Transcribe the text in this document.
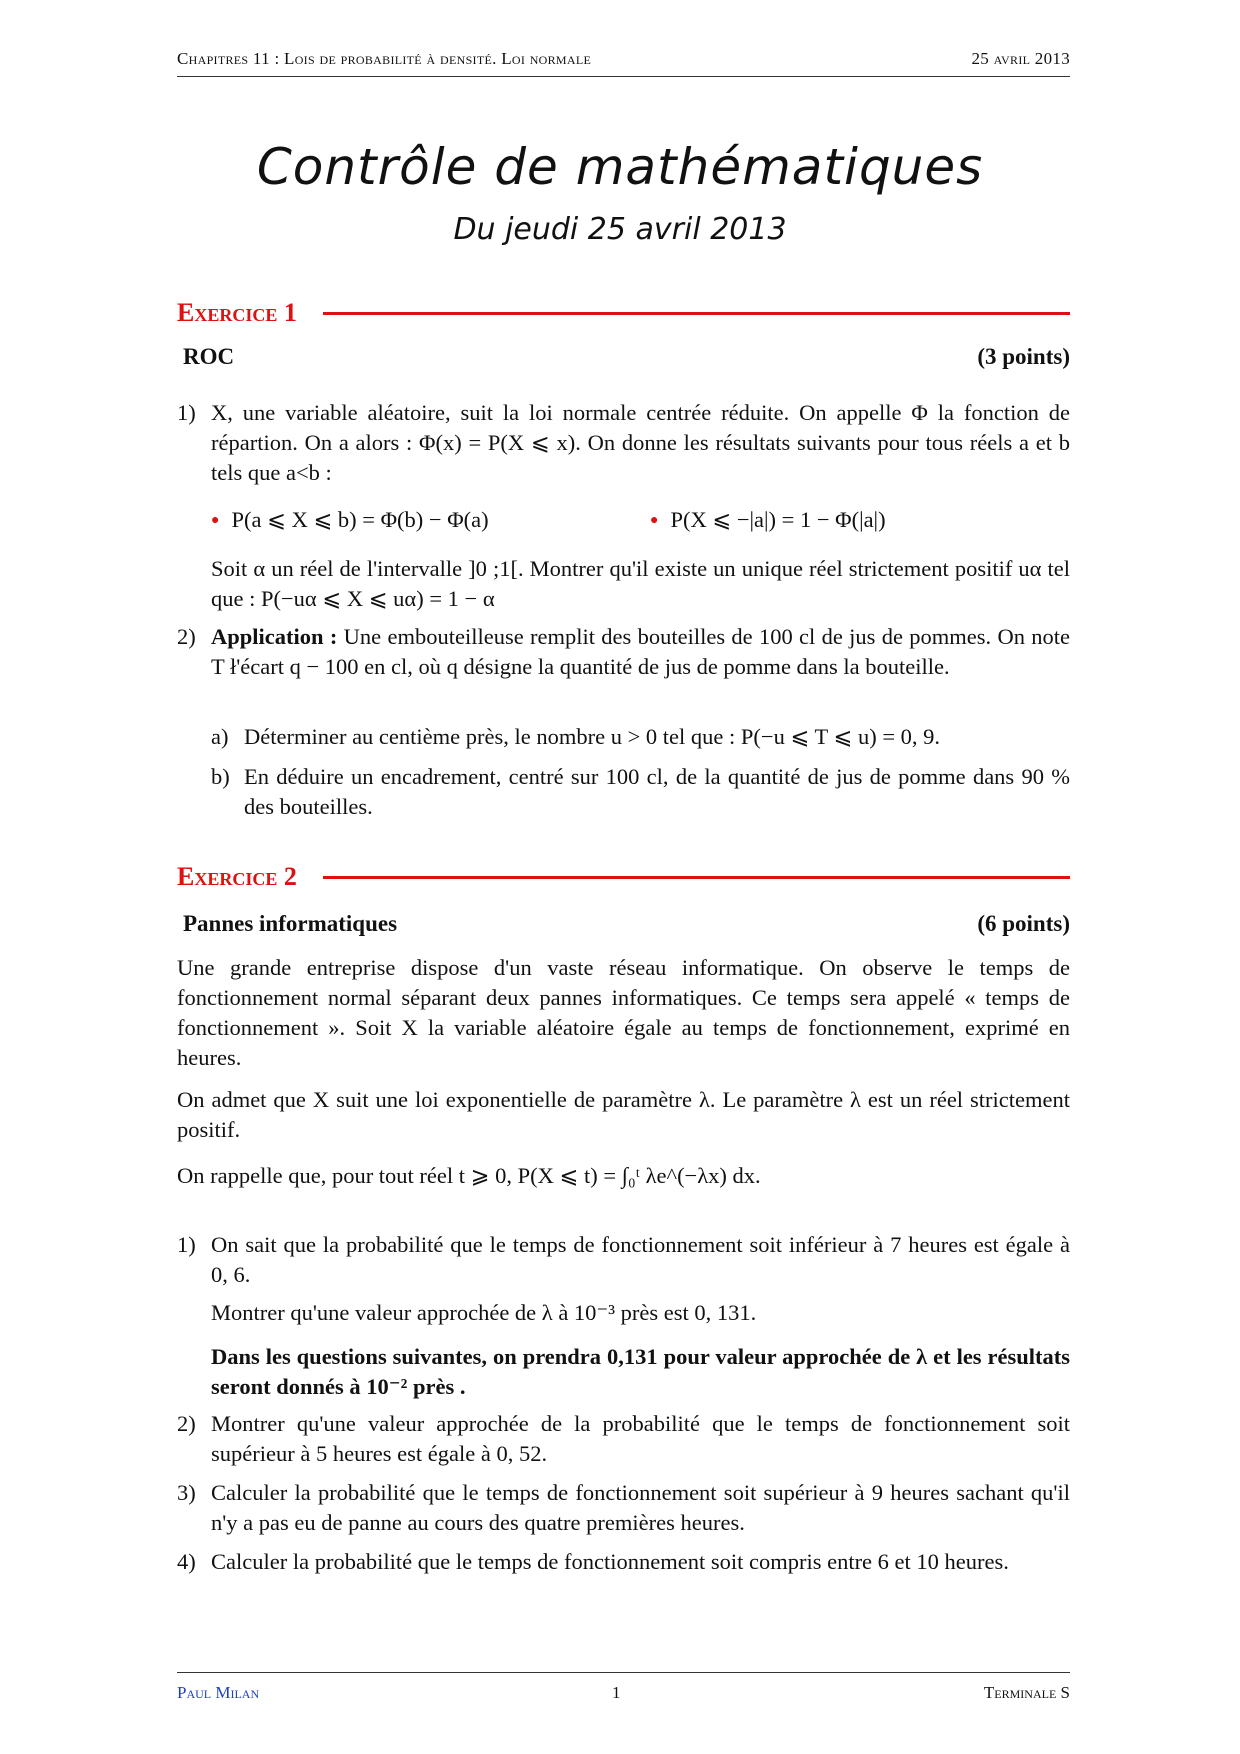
Chapitres 11 : Lois de probabilité à densité. Loi normale	25 avril 2013
Contrôle de mathématiques
Du jeudi 25 avril 2013
Exercice 1
ROC	(3 points)
1) X, une variable aléatoire, suit la loi normale centrée réduite. On appelle Φ la fonction de répartion. On a alors : Φ(x) = P(X ⩽ x). On donne les résultats suivants pour tous réels a et b tels que a<b :
● P(a ⩽ X ⩽ b) = Φ(b) − Φ(a)	● P(X ⩽ −|a|) = 1 − Φ(|a|)
Soit α un réel de l'intervalle ]0 ;1[. Montrer qu'il existe un unique réel strictement positif uα tel que : P(−uα ⩽ X ⩽ uα) = 1 − α
2) Application : Une embouteilleuse remplit des bouteilles de 100 cl de jus de pommes. On note T ł'écart q − 100 en cl, où q désigne la quantité de jus de pomme dans la bouteille.
a) Déterminer au centième près, le nombre u > 0 tel que : P(−u ⩽ T ⩽ u) = 0, 9.
b) En déduire un encadrement, centré sur 100 cl, de la quantité de jus de pomme dans 90 % des bouteilles.
Exercice 2
Pannes informatiques	(6 points)
Une grande entreprise dispose d'un vaste réseau informatique. On observe le temps de fonctionnement normal séparant deux pannes informatiques. Ce temps sera appelé « temps de fonctionnement ». Soit X la variable aléatoire égale au temps de fonctionnement, exprimé en heures.
On admet que X suit une loi exponentielle de paramètre λ. Le paramètre λ est un réel strictement positif.
On rappelle que, pour tout réel t ⩾ 0, P(X ⩽ t) = ∫₀ᵗ λe^(−λx) dx.
1) On sait que la probabilité que le temps de fonctionnement soit inférieur à 7 heures est égale à 0, 6.
Montrer qu'une valeur approchée de λ à 10⁻³ près est 0, 131.
Dans les questions suivantes, on prendra 0,131 pour valeur approchée de λ et les résultats seront donnés à 10⁻² près .
2) Montrer qu'une valeur approchée de la probabilité que le temps de fonctionnement soit supérieur à 5 heures est égale à 0, 52.
3) Calculer la probabilité que le temps de fonctionnement soit supérieur à 9 heures sachant qu'il n'y a pas eu de panne au cours des quatre premières heures.
4) Calculer la probabilité que le temps de fonctionnement soit compris entre 6 et 10 heures.
Paul Milan	1	Terminale S
